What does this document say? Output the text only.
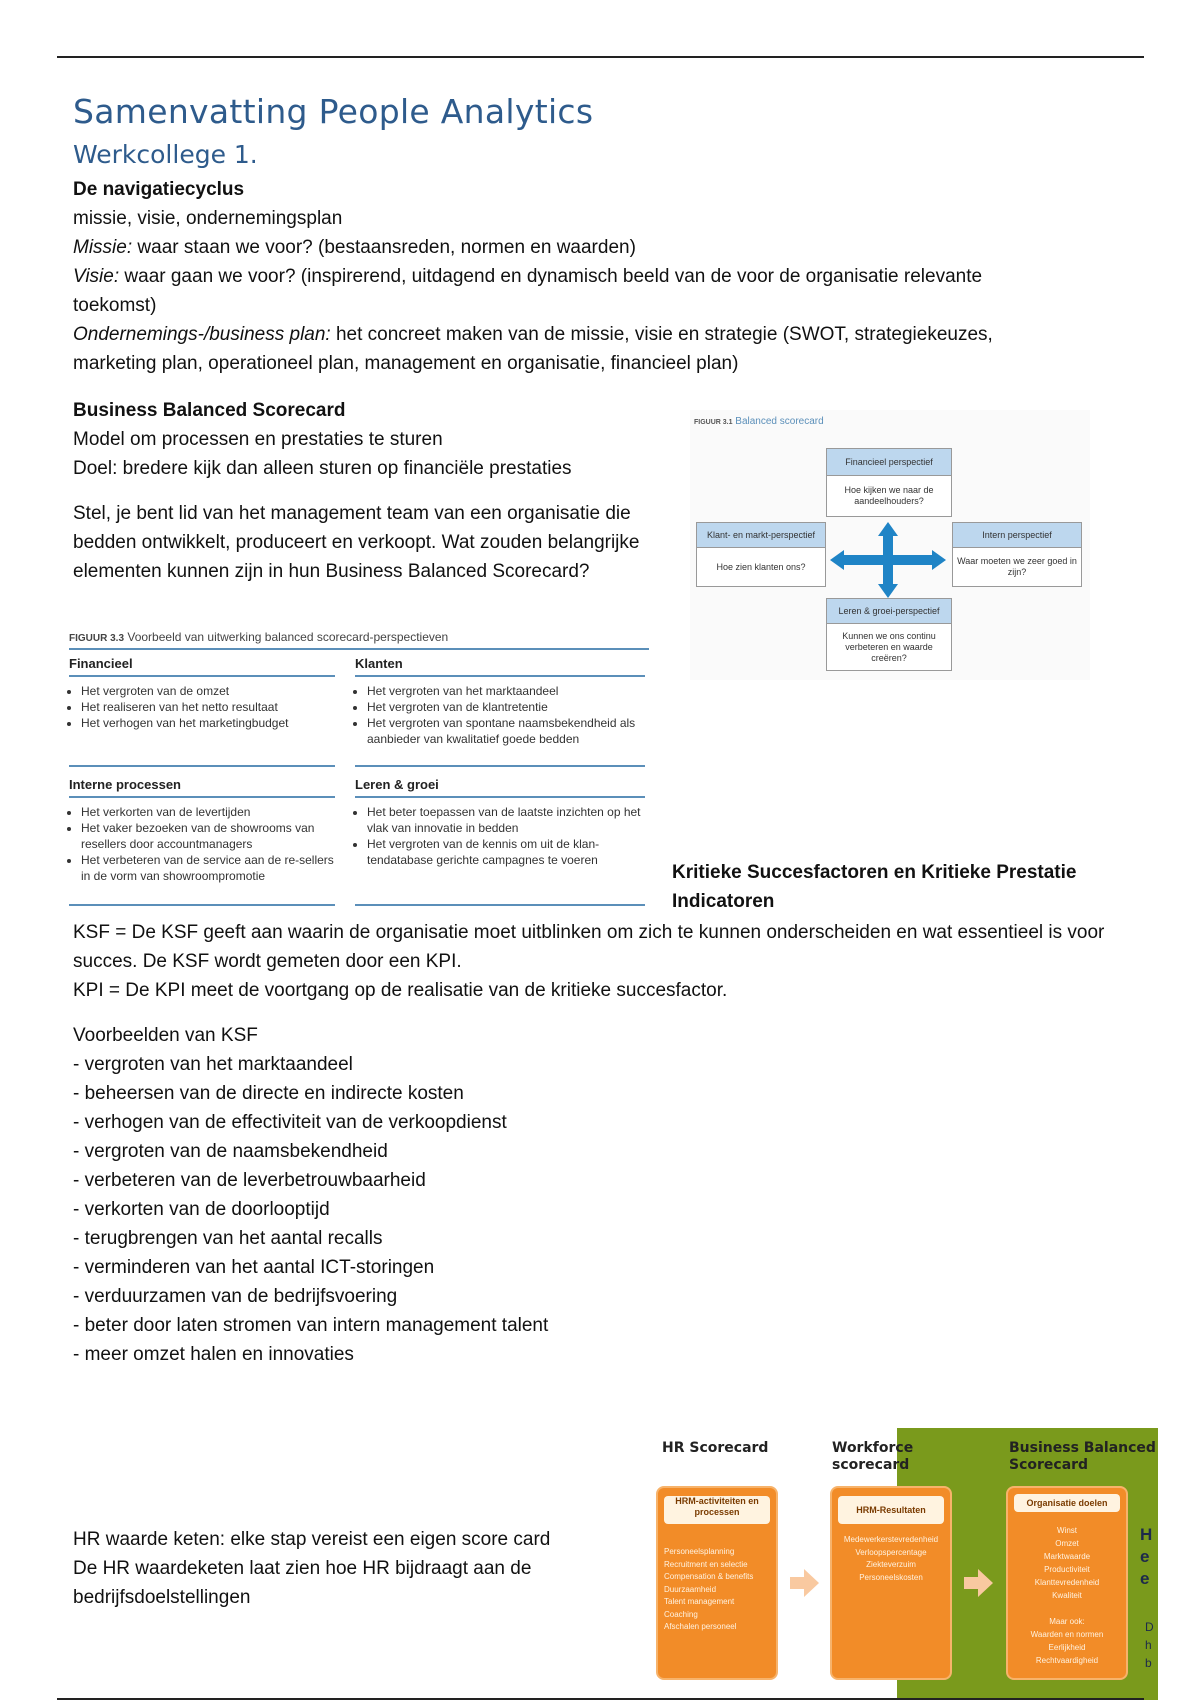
Samenvatting People Analytics
Werkcollege 1.

De navigatiecyclus

missie, visie, ondernemingsplan

Missie: waar staan we voor? (bestaansreden, normen en waarden)

Visie: waar gaan we voor? (inspirerend, uitdagend en dynamisch beeld van de voor de organisatie relevante toekomst)

Ondernemings-/business plan: het concreet maken van de missie, visie en strategie (SWOT, strategiekeuzes, marketing plan, operationeel plan, management en organisatie, financieel plan)

Business Balanced Scorecard

Model om processen en prestaties te sturen

Doel: bredere kijk dan alleen sturen op financiële prestaties

Stel, je bent lid van het management team van een organisatie die bedden ontwikkelt, produceert en verkoopt. Wat zouden belangrijke elementen kunnen zijn in hun Business Balanced Scorecard?

FIGUUR 3.3 Voorbeeld van uitwerking balanced scorecard-perspectieven
Financieel
• Het vergroten van de omzet
• Het realiseren van het netto resultaat
• Het verhogen van het marketingbudget
Klanten
• Het vergroten van het marktaandeel
• Het vergroten van de klantretentie
• Het vergroten van spontane naamsbekendheid als aanbieder van kwalitatief goede bedden
Interne processen
• Het verkorten van de levertijden
• Het vaker bezoeken van de showrooms van resellers door accountmanagers
• Het verbeteren van de service aan de re-sellers in de vorm van showroompromotie
Leren & groei
• Het beter toepassen van de laatste inzichten op het vlak van innovatie in bedden
• Het vergroten van de kennis om uit de klan-tendatabase gerichte campagnes te voeren
FIGUUR 3.1 Balanced scorecard
Financieel perspectief
Hoe kijken we naar de aandeelhouders?
Klant- en markt-perspectief
Hoe zien klanten ons?
Intern perspectief
Waar moeten we zeer goed in zijn?
Leren & groei-perspectief
Kunnen we ons continu verbeteren en waarde creëren?

Kritieke Succesfactoren en Kritieke Prestatie Indicatoren

KSF = De KSF geeft aan waarin de organisatie moet uitblinken om zich te kunnen onderscheiden en wat essentieel is voor succes. De KSF wordt gemeten door een KPI.

KPI = De KPI meet de voortgang op de realisatie van de kritieke succesfactor.

Voorbeelden van KSF

- vergroten van het marktaandeel

- beheersen van de directe en indirecte kosten

- verhogen van de effectiviteit van de verkoopdienst

- vergroten van de naamsbekendheid

- verbeteren van de leverbetrouwbaarheid

- verkorten van de doorlooptijd

- terugbrengen van het aantal recalls

- verminderen van het aantal ICT-storingen

- verduurzamen van de bedrijfsvoering

- beter door laten stromen van intern management talent

- meer omzet halen en innovaties

HR waarde keten: elke stap vereist een eigen score card

De HR waardeketen laat zien hoe HR bijdraagt aan de bedrijfsdoelstellingen

HR Scorecard	Workforce scorecard
Business Balanced Scorecard
HRM-activiteiten en processen
Personeelsplanning
Recruitment en selectie
Compensation & benefits
Duurzaamheid
Talent management
Coaching
Afschalen personeel
HRM-Resultaten
Medewerkerstevredenheid
Verloopspercentage
Ziekteverzuim
Personeelskosten
Organisatie doelen
Winst
Omzet
Marktwaarde
Productiviteit
Klanttevredenheid
Kwaliteit
Maar ook:
Waarden en normen
Eerlijkheid
Rechtvaardigheid
H e e
D h b
